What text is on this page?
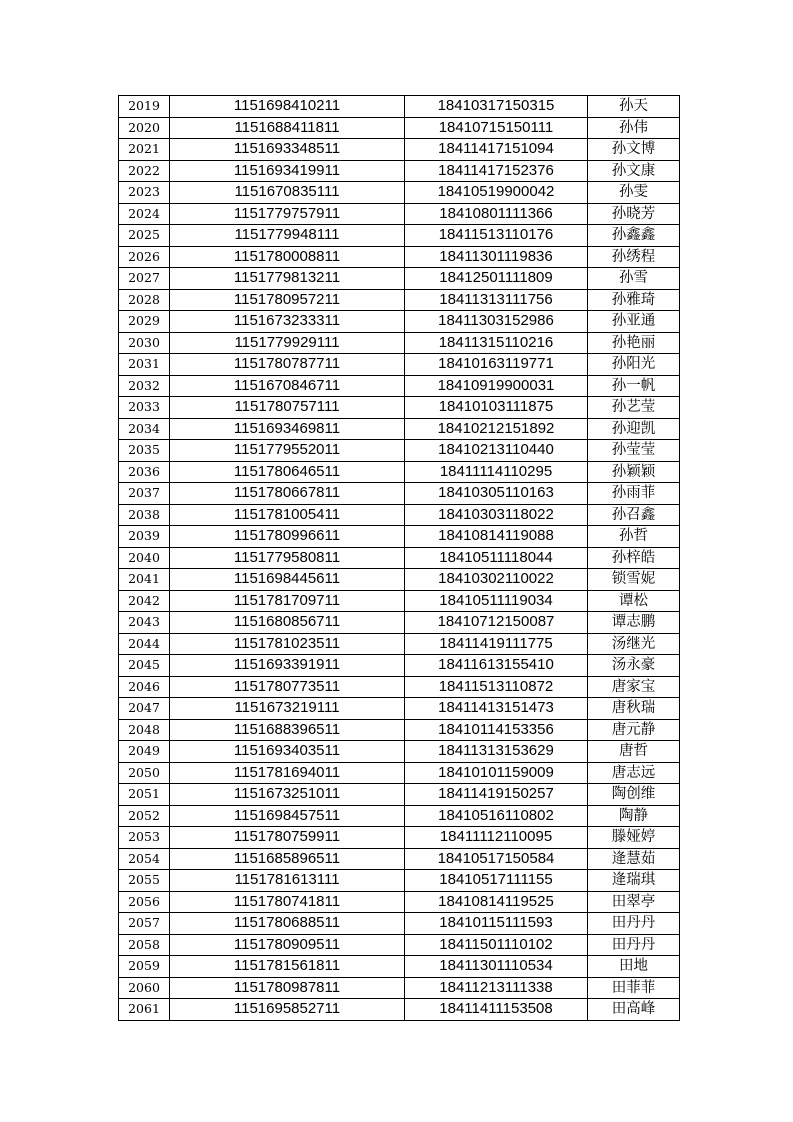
2019	1151698410211	18410317150315	孙天
2020	1151688411811	18410715150111	孙伟
2021	1151693348511	18411417151094	孙文博
2022	1151693419911	18411417152376	孙文康
2023	1151670835111	18410519900042	孙雯
2024	1151779757911	18410801111366	孙晓芳
2025	1151779948111	18411513110176	孙鑫鑫
2026	1151780008811	18411301119836	孙绣程
2027	1151779813211	18412501111809	孙雪
2028	1151780957211	18411313111756	孙雅琦
2029	1151673233311	18411303152986	孙亚通
2030	1151779929111	18411315110216	孙艳丽
2031	1151780787711	18410163119771	孙阳光
2032	1151670846711	18410919900031	孙一帆
2033	1151780757111	18410103111875	孙艺莹
2034	1151693469811	18410212151892	孙迎凯
2035	1151779552011	18410213110440	孙莹莹
2036	1151780646511	18411114110295	孙颖颖
2037	1151780667811	18410305110163	孙雨菲
2038	1151781005411	18410303118022	孙召鑫
2039	1151780996611	18410814119088	孙哲
2040	1151779580811	18410511118044	孙梓皓
2041	1151698445611	18410302110022	锁雪妮
2042	1151781709711	18410511119034	谭松
2043	1151680856711	18410712150087	谭志鹏
2044	1151781023511	18411419111775	汤继光
2045	1151693391911	18411613155410	汤永豪
2046	1151780773511	18411513110872	唐家宝
2047	1151673219111	18411413151473	唐秋瑞
2048	1151688396511	18410114153356	唐元静
2049	1151693403511	18411313153629	唐哲
2050	1151781694011	18410101159009	唐志远
2051	1151673251011	18411419150257	陶创维
2052	1151698457511	18410516110802	陶静
2053	1151780759911	18411112110095	滕娅婷
2054	1151685896511	18410517150584	逄慧茹
2055	1151781613111	18410517111155	逄瑞琪
2056	1151780741811	18410814119525	田翠亭
2057	1151780688511	18410115111593	田丹丹
2058	1151780909511	18411501110102	田丹丹
2059	1151781561811	18411301110534	田地
2060	1151780987811	18411213111338	田菲菲
2061	1151695852711	18411411153508	田高峰
